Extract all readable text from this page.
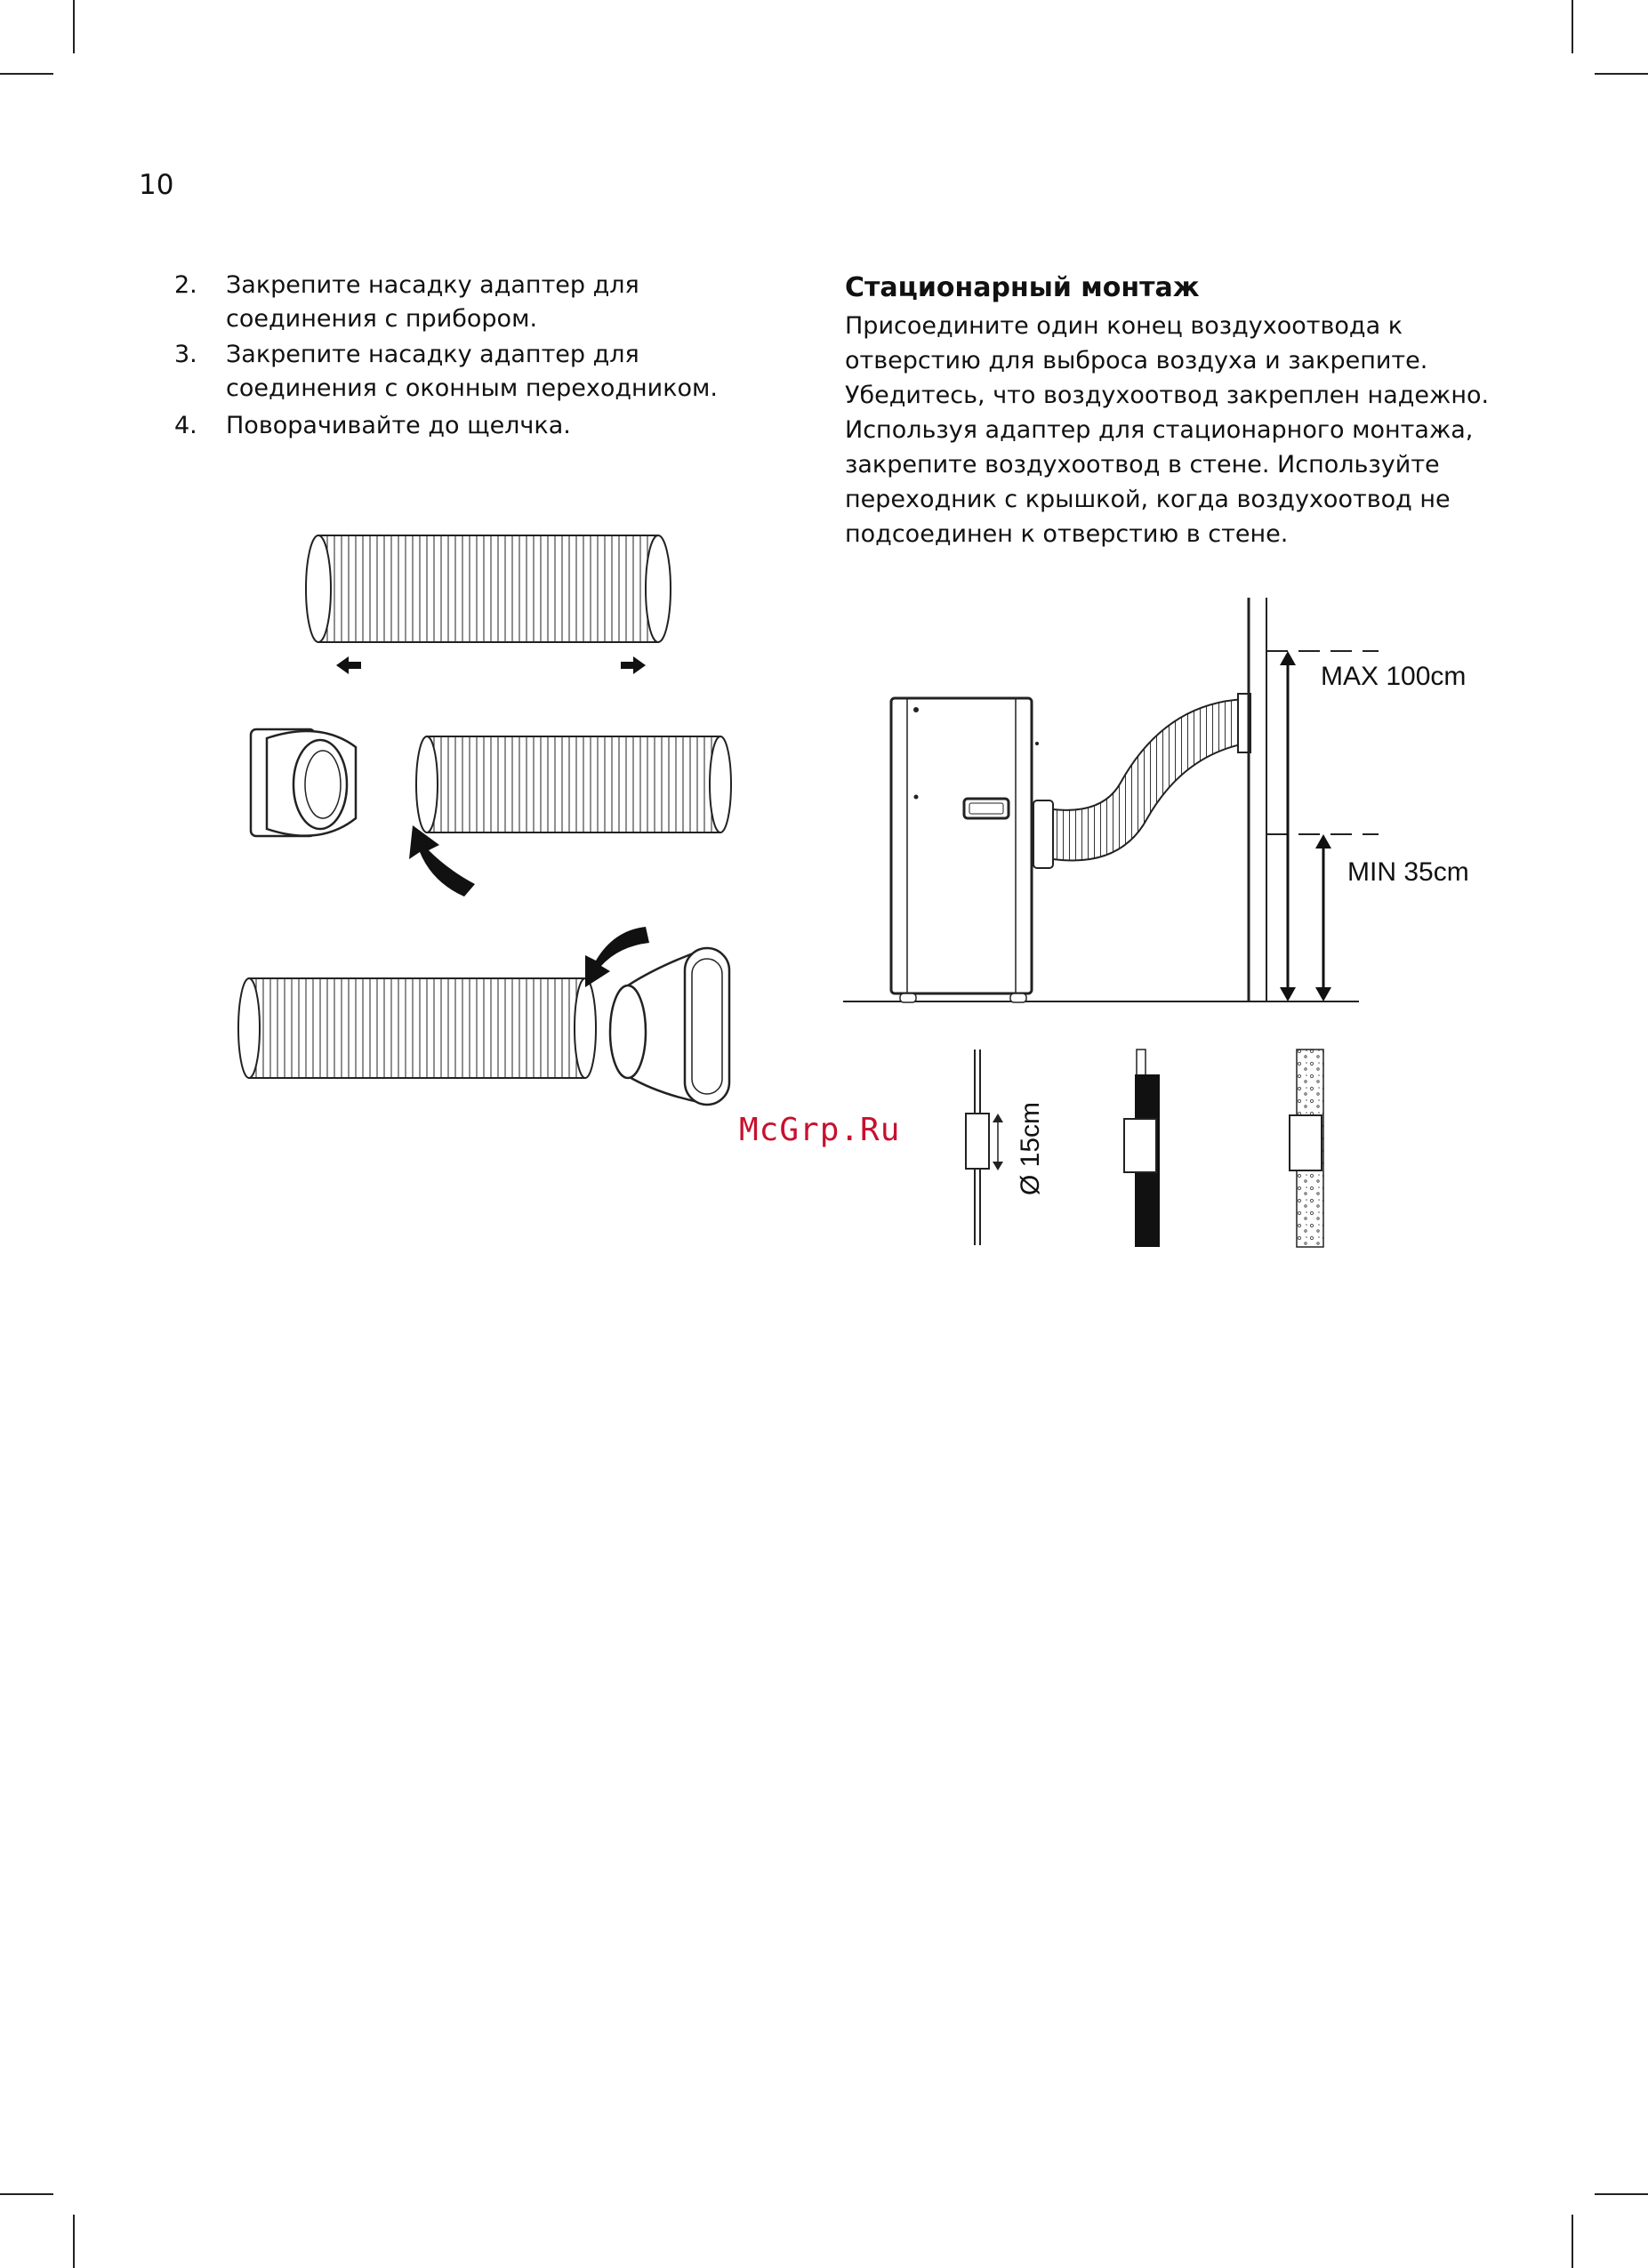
10
2.	Закрепите насадку адаптер для соединения с прибором.
3.	Закрепите насадку адаптер для соединения с оконным переходником.
4.	Поворачивайте до щелчка.
Стационарный монтаж

Присоедините один конец воздухоотвода к отверстию для выброса воздуха и закрепите. Убедитесь, что воздухоотвод закреплен надежно. Используя адаптер для стационарного монтажа, закрепите воздухоотвод в стене. Используйте переходник с крышкой, когда воздухоотвод не подсоединен к отверстию в стене.

MAX 100cm
MIN 35cm
Ø 15cm
McGrp.Ru
